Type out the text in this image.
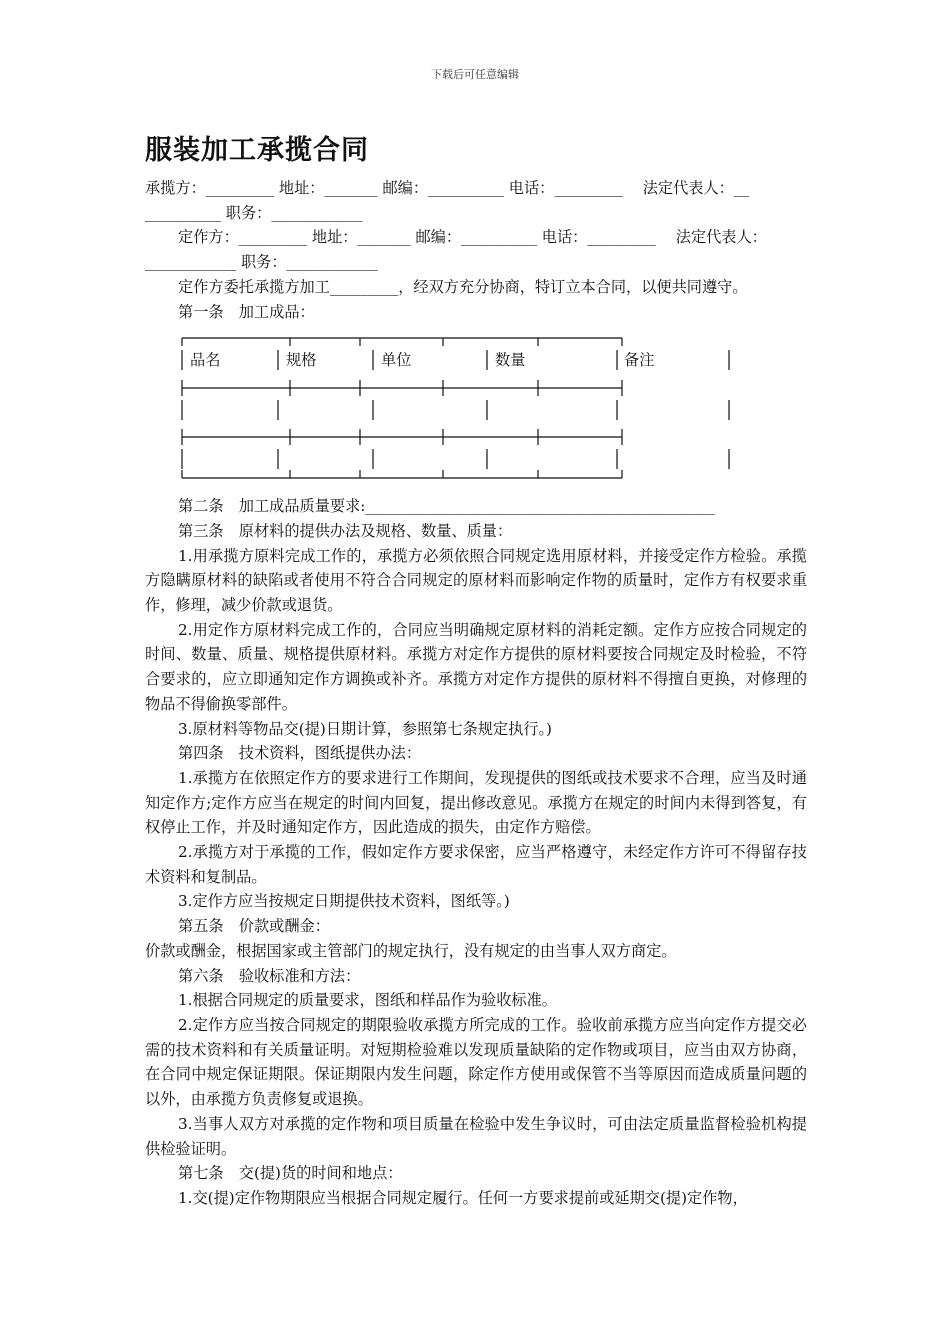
下载后可任意编辑
服装加工承揽合同

承揽方：_________ 地址：_______ 邮编：__________ 电话：_________　 法定代表人：__

__________ 职务：____________

定作方：_________ 地址：_______ 邮编：__________ 电话：_________　 法定代表人：

____________ 职务：____________

定作方委托承揽方加工_________，经双方充分协商，特订立本合同，以便共同遵守。

第一条　加工成品：

品名	规格	单位	数量	备注

第二条　加工成品质量要求:______________________________________________

第三条　原材料的提供办法及规格、数量、质量：

1.用承揽方原料完成工作的，承揽方必须依照合同规定选用原材料，并接受定作方检验。承揽方隐瞒原材料的缺陷或者使用不符合合同规定的原材料而影响定作物的质量时，定作方有权要求重作，修理，减少价款或退货。

2.用定作方原材料完成工作的，合同应当明确规定原材料的消耗定额。定作方应按合同规定的时间、数量、质量、规格提供原材料。承揽方对定作方提供的原材料要按合同规定及时检验，不符合要求的，应立即通知定作方调换或补齐。承揽方对定作方提供的原材料不得擅自更换，对修理的物品不得偷换零部件。

3.原材料等物品交(提)日期计算，参照第七条规定执行。)

第四条　技术资料，图纸提供办法：

1.承揽方在依照定作方的要求进行工作期间，发现提供的图纸或技术要求不合理，应当及时通知定作方;定作方应当在规定的时间内回复，提出修改意见。承揽方在规定的时间内未得到答复，有权停止工作，并及时通知定作方，因此造成的损失，由定作方赔偿。

2.承揽方对于承揽的工作，假如定作方要求保密，应当严格遵守，未经定作方许可不得留存技术资料和复制品。

3.定作方应当按规定日期提供技术资料，图纸等。)

第五条　价款或酬金：

价款或酬金，根据国家或主管部门的规定执行，没有规定的由当事人双方商定。

第六条　验收标准和方法：

1.根据合同规定的质量要求，图纸和样品作为验收标准。

2.定作方应当按合同规定的期限验收承揽方所完成的工作。验收前承揽方应当向定作方提交必需的技术资料和有关质量证明。对短期检验难以发现质量缺陷的定作物或项目，应当由双方协商，在合同中规定保证期限。保证期限内发生问题，除定作方使用或保管不当等原因而造成质量问题的以外，由承揽方负责修复或退换。

3.当事人双方对承揽的定作物和项目质量在检验中发生争议时，可由法定质量监督检验机构提供检验证明。

第七条　交(提)货的时间和地点：

1.交(提)定作物期限应当根据合同规定履行。任何一方要求提前或延期交(提)定作物，
